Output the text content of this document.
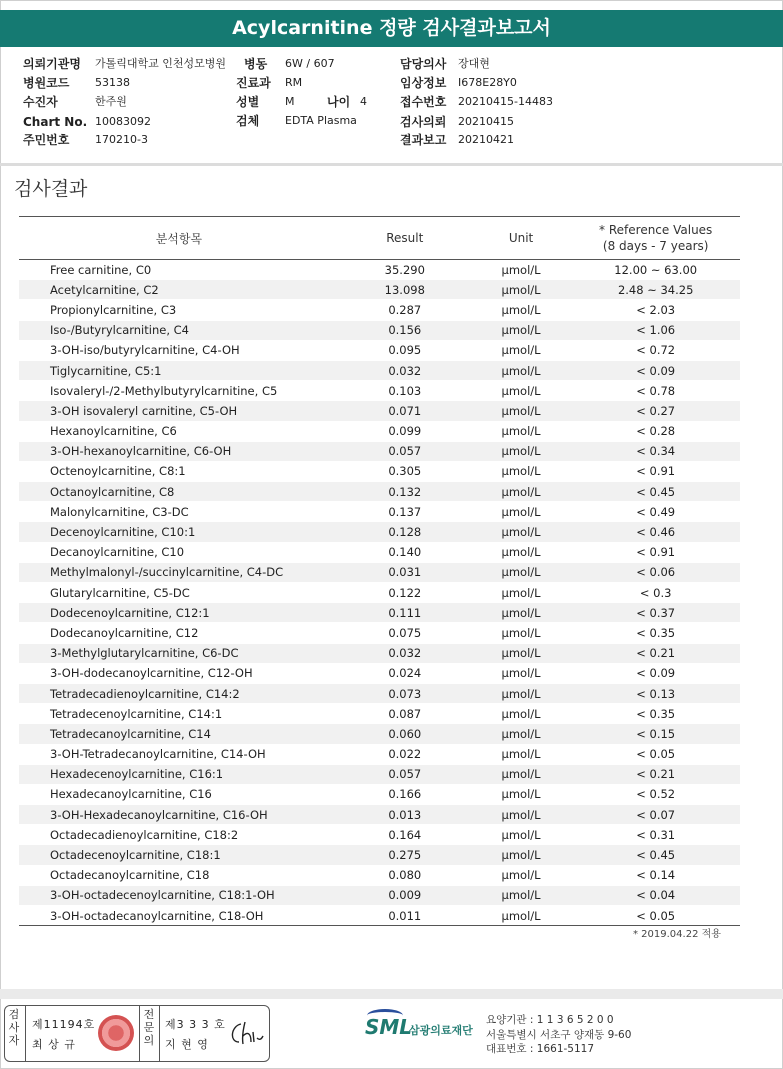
Acylcarnitine 정량 검사결과보고서
의뢰기관명 가톨릭대학교 인천성모병원 병동 6W / 607	담당의사 장대현
병원코드 53138	진료과 RM	임상정보 I678E28Y0
수진자	한주원	성별 M	나이 4	접수번호 20210415-14483
Chart No. 10083092	검체 EDTA Plasma	검사의뢰 20210415
주민번호 170210-3	결과보고 20210421
검사결과
분석항목	Result	Unit	* Reference Values
(8 days - 7 years)

Free carnitine, C0	35.290	μmol/L	12.00 ~ 63.00
Acetylcarnitine, C2	13.098	μmol/L	2.48 ~ 34.25
Propionylcarnitine, C3	0.287	μmol/L	< 2.03
Iso-/Butyrylcarnitine, C4	0.156	μmol/L	< 1.06
3-OH-iso/butyrylcarnitine, C4-OH	0.095	μmol/L	< 0.72
Tiglycarnitine, C5:1	0.032	μmol/L	< 0.09
Isovaleryl-/2-Methylbutyrylcarnitine, C5	0.103	μmol/L	< 0.78
3-OH isovaleryl carnitine, C5-OH	0.071	μmol/L	< 0.27
Hexanoylcarnitine, C6	0.099	μmol/L	< 0.28
3-OH-hexanoylcarnitine, C6-OH	0.057	μmol/L	< 0.34
Octenoylcarnitine, C8:1	0.305	μmol/L	< 0.91
Octanoylcarnitine, C8	0.132	μmol/L	< 0.45
Malonylcarnitine, C3-DC	0.137	μmol/L	< 0.49
Decenoylcarnitine, C10:1	0.128	μmol/L	< 0.46
Decanoylcarnitine, C10	0.140	μmol/L	< 0.91
Methylmalonyl-/succinylcarnitine, C4-DC	0.031	μmol/L	< 0.06
Glutarylcarnitine, C5-DC	0.122	μmol/L	< 0.3
Dodecenoylcarnitine, C12:1	0.111	μmol/L	< 0.37
Dodecanoylcarnitine, C12	0.075	μmol/L	< 0.35
3-Methylglutarylcarnitine, C6-DC	0.032	μmol/L	< 0.21
3-OH-dodecanoylcarnitine, C12-OH	0.024	μmol/L	< 0.09
Tetradecadienoylcarnitine, C14:2	0.073	μmol/L	< 0.13
Tetradecenoylcarnitine, C14:1	0.087	μmol/L	< 0.35
Tetradecanoylcarnitine, C14	0.060	μmol/L	< 0.15
3-OH-Tetradecanoylcarnitine, C14-OH	0.022	μmol/L	< 0.05
Hexadecenoylcarnitine, C16:1	0.057	μmol/L	< 0.21
Hexadecanoylcarnitine, C16	0.166	μmol/L	< 0.52
3-OH-Hexadecanoylcarnitine, C16-OH	0.013	μmol/L	< 0.07
Octadecadienoylcarnitine, C18:2	0.164	μmol/L	< 0.31
Octadecenoylcarnitine, C18:1	0.275	μmol/L	< 0.45
Octadecanoylcarnitine, C18	0.080	μmol/L	< 0.14
3-OH-octadecenoylcarnitine, C18:1-OH	0.009	μmol/L	< 0.04
3-OH-octadecanoylcarnitine, C18-OH	0.011	μmol/L	< 0.05
* 2019.04.22 적용
검사자
제11194호
최 상 규
전문의
제3 3 3 호
지 현 영
SML
삼광의료재단
요양기관 : 1 1 3 6 5 2 0 0
서울특별시 서초구 양재동 9-60
대표번호 : 1661-5117
